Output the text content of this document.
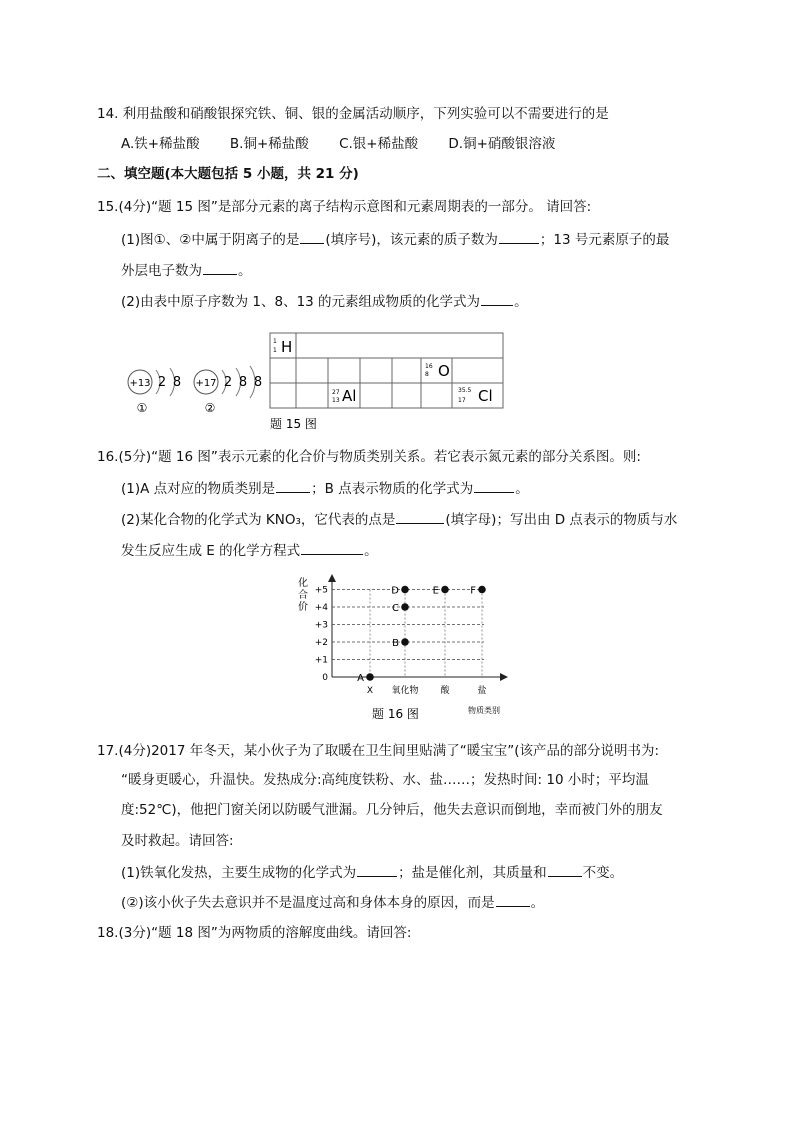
14. 利用盐酸和硝酸银探究铁、铜、银的金属活动顺序，下列实验可以不需要进行的是
A.铁+稀盐酸 B.铜+稀盐酸 C.银+稀盐酸 D.铜+硝酸银溶液
二、填空题(本大题包括 5 小题，共 21 分)
15.(4分)“题 15 图”是部分元素的离子结构示意图和元素周期表的一部分。 请回答:
(1)图①、②中属于阴离子的是 (填序号)，该元素的质子数为	；13 号元素原子的最
外层电子数为	。
(2)由表中原子序数为 1、8、13 的元素组成物质的化学式为	。
+13 2 8
①
+17 2 8 8
②
1
1 H
27
13 Al
16
8 O
35.5
17 Cl
题 15 图
16.(5分)“题 16 图”表示元素的化合价与物质类别关系。若它表示氮元素的部分关系图。则:
(1)A 点对应的物质类别是	；B 点表示物质的化学式为	。
(2)某化合物的化学式为 KNO₃，它代表的点是	(填字母)；写出由 D 点表示的物质与水
发生反应生成 E 的化学方程式	。
化
合
价
0
+1
+2
+3
+4
+5
X 氧化物 酸	盐
物质类别
题 16 图
A
B
C
D	E	F
17.(4分)2017 年冬天，某小伙子为了取暖在卫生间里贴满了“暖宝宝”(该产品的部分说明书为:
“暖身更暖心，升温快。发热成分:高纯度铁粉、水、盐……；发热时间: 10 小时；平均温
度:52℃)，他把门窗关闭以防暖气泄漏。几分钟后，他失去意识而倒地，幸而被门外的朋友
及时救起。请回答:
(1)铁氧化发热，主要生成物的化学式为	；盐是催化剂，其质量和	不变。
(②)该小伙子失去意识并不是温度过高和身体本身的原因，而是	。
18.(3分)“题 18 图”为两物质的溶解度曲线。请回答:
